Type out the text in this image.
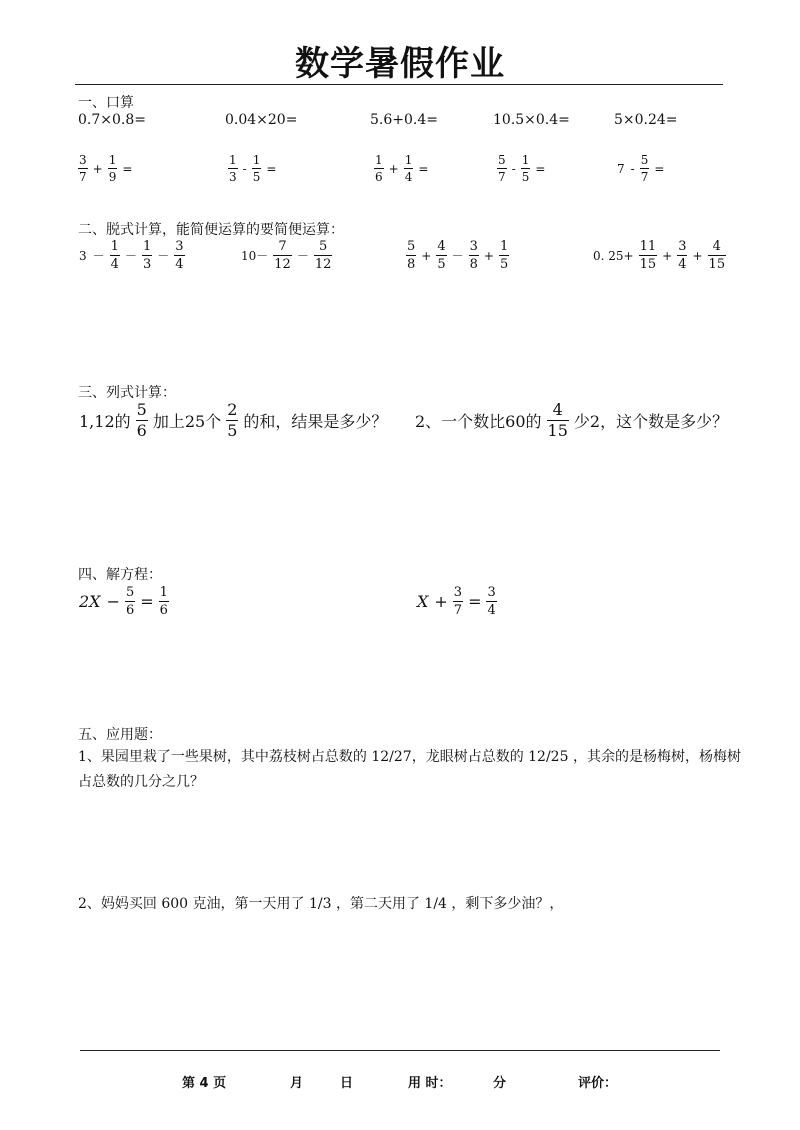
数学暑假作业
一、口算
0.7×0.8=	0.04×20=	5.6+0.4=	10.5×0.4=	5×0.24=
$\frac{3}{7} + \frac{1}{9}$ =	$\frac{1}{3} - \frac{1}{5}$ =	$\frac{1}{6} + \frac{1}{4}$ =	$\frac{5}{7} - \frac{1}{5}$ =	$7 - \frac{5}{7}$ =
二、脱式计算，能简便运算的要简便运算：
$3 - \frac{1}{4} - \frac{1}{3} - \frac{3}{4}$	$10- \frac{7}{12} - \frac{5}{12}$	$\frac{5}{8} + \frac{4}{5} - \frac{3}{8} + \frac{1}{5}$	0. $25+ \frac{11}{15} + \frac{3}{4} + \frac{4}{15}$
三、列式计算：
1,12的 $\frac{5}{6}$ 加上25个 $\frac{2}{5}$ 的和，结果是多少？ 2、一个数比60的 $\frac{4}{15}$ 少2，这个数是多少？
四、解方程：
$2X - \frac{5}{6} = \frac{1}{6}$	$X + \frac{3}{7} = \frac{3}{4}$
五、应用题：
1、果园里栽了一些果树，其中荔枝树占总数的 12/27，龙眼树占总数的 12/25 ，其余的是杨梅树，杨梅树
占总数的几分之几？
2、妈妈买回 600 克油，第一天用了 1/3 ，第二天用了 1/4 ，剩下多少油？，
第 4 页	月	日	用 时：	分	评价：
